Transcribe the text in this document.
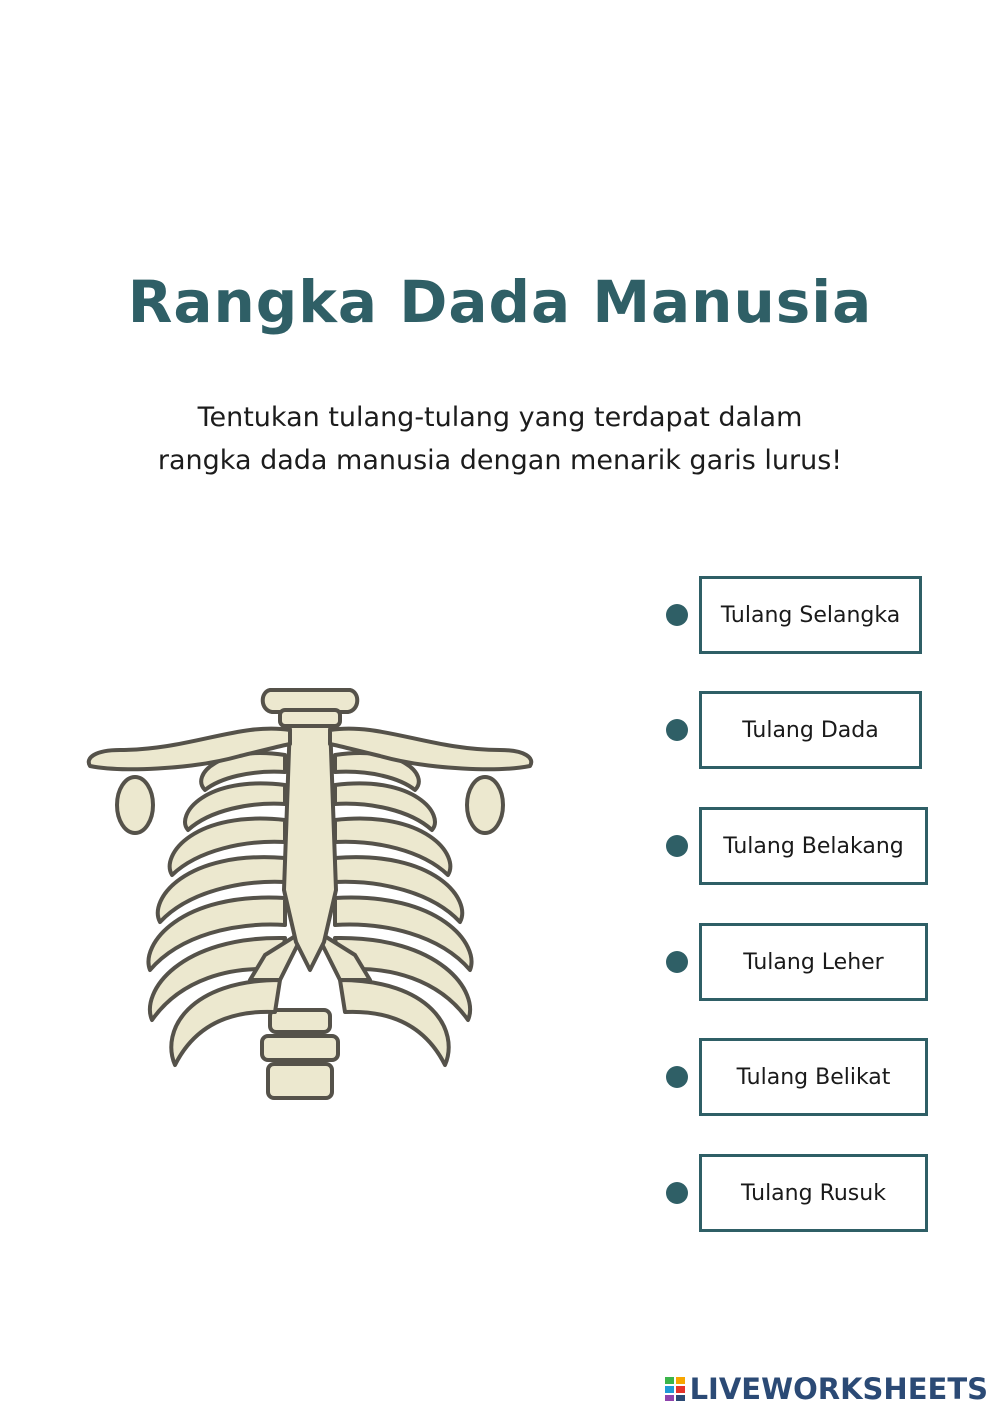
Rangka Dada Manusia
Tentukan tulang-tulang yang terdapat dalam
rangka dada manusia dengan menarik garis lurus!
Tulang Selangka
Tulang Dada
Tulang Belakang
Tulang Leher
Tulang Belikat
Tulang Rusuk
LIVEWORKSHEETS
